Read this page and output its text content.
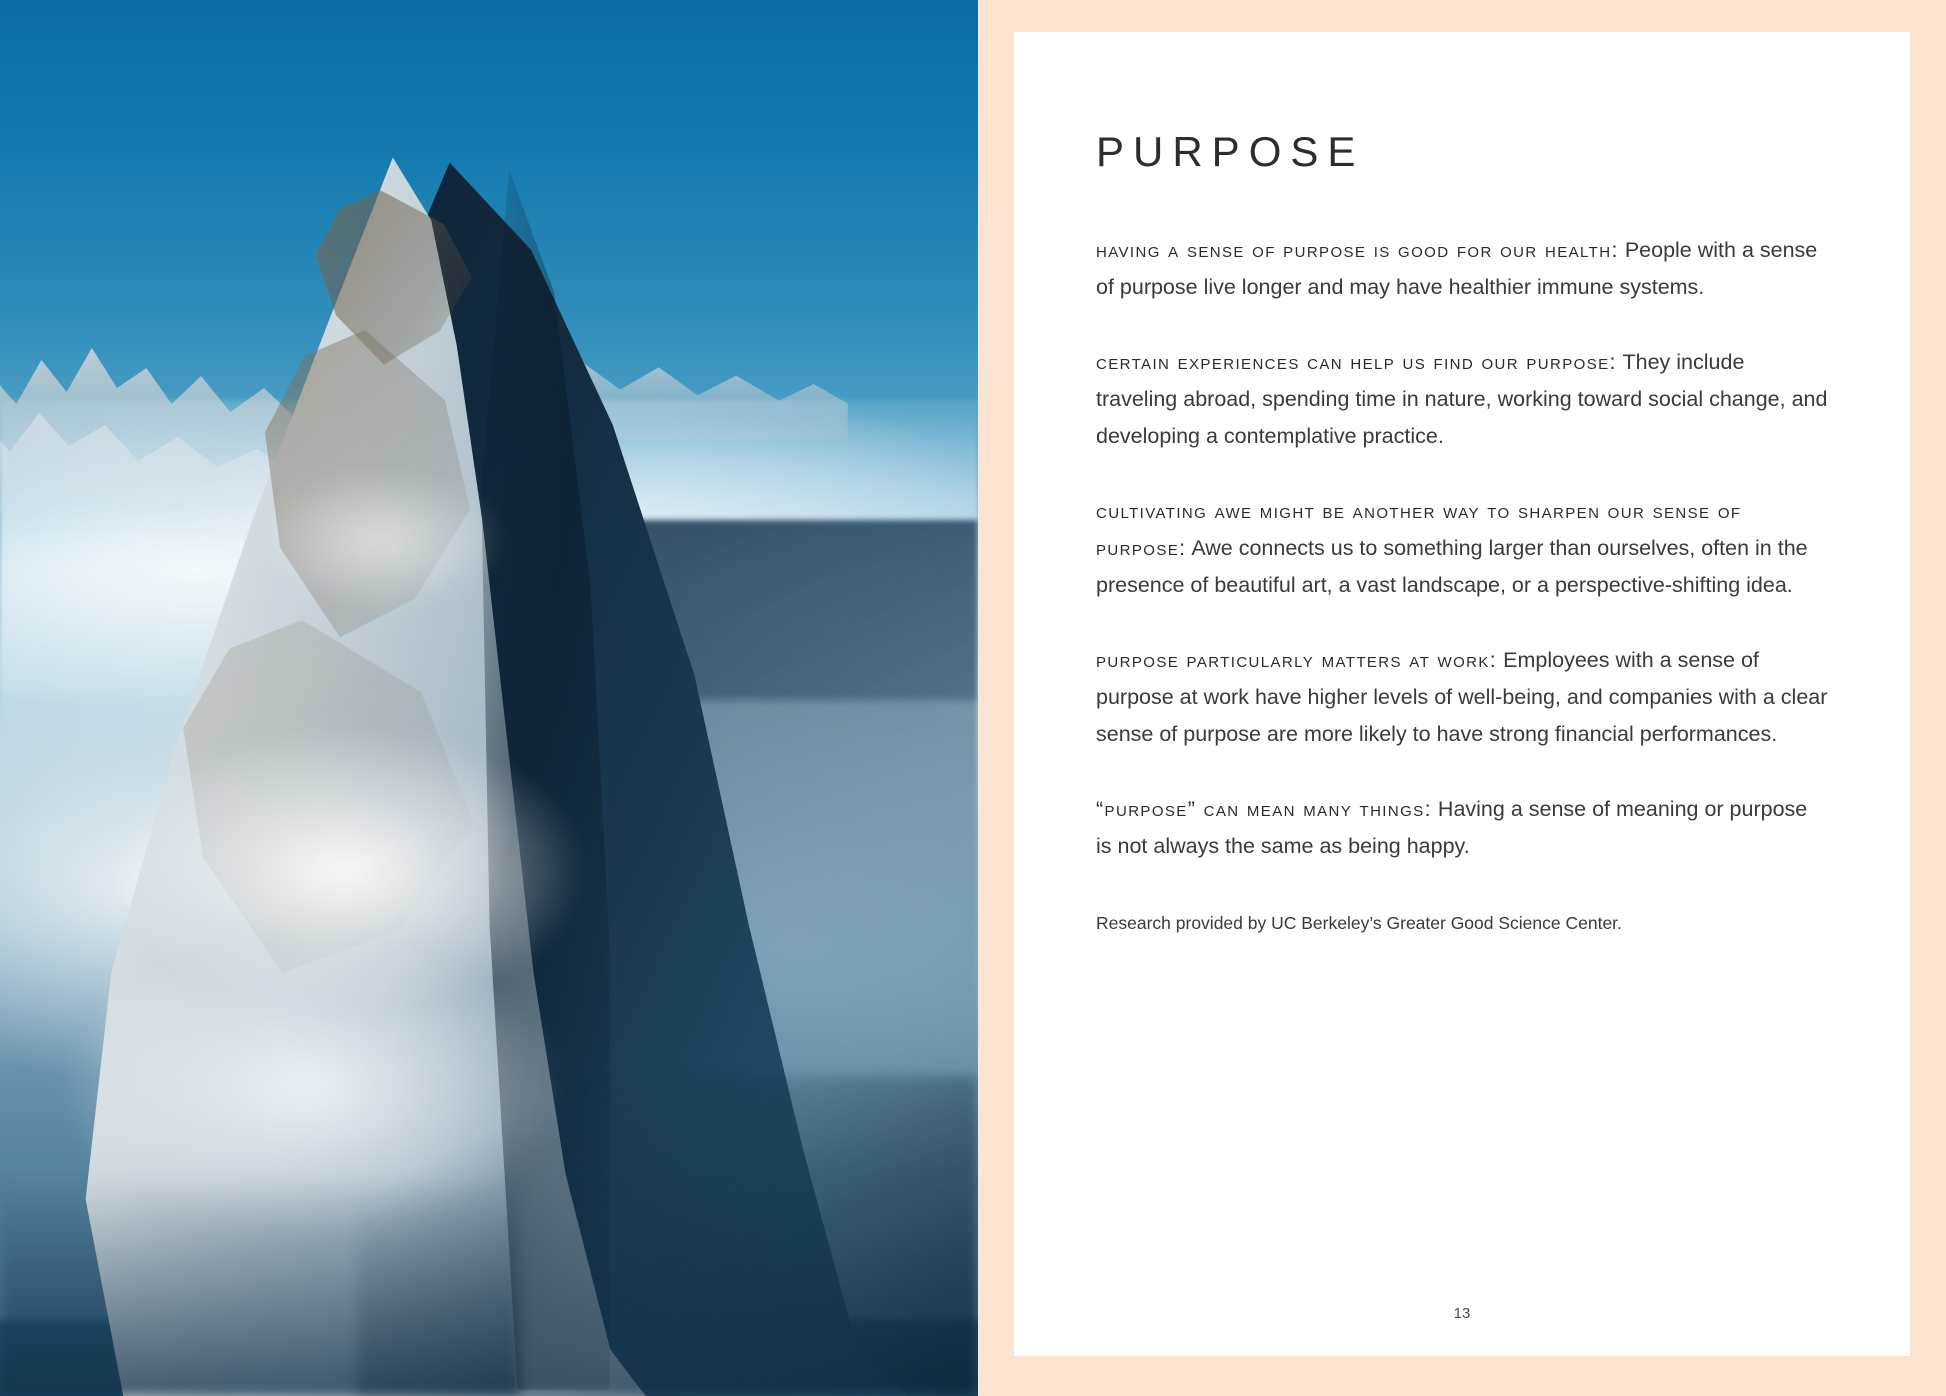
PURPOSE

having a sense of purpose is good for our health: People with a sense of purpose live longer and may have healthier immune systems.

certain experiences can help us find our purpose: They include traveling abroad, spending time in nature, working toward social change, and developing a contemplative practice.

cultivating awe might be another way to sharpen our sense of purpose: Awe connects us to something larger than ourselves, often in the presence of beautiful art, a vast landscape, or a perspective-shifting idea.

purpose particularly matters at work: Employees with a sense of purpose at work have higher levels of well-being, and companies with a clear sense of purpose are more likely to have strong financial performances.

“purpose” can mean many things: Having a sense of meaning or purpose is not always the same as being happy.

Research provided by UC Berkeley’s Greater Good Science Center.

13
